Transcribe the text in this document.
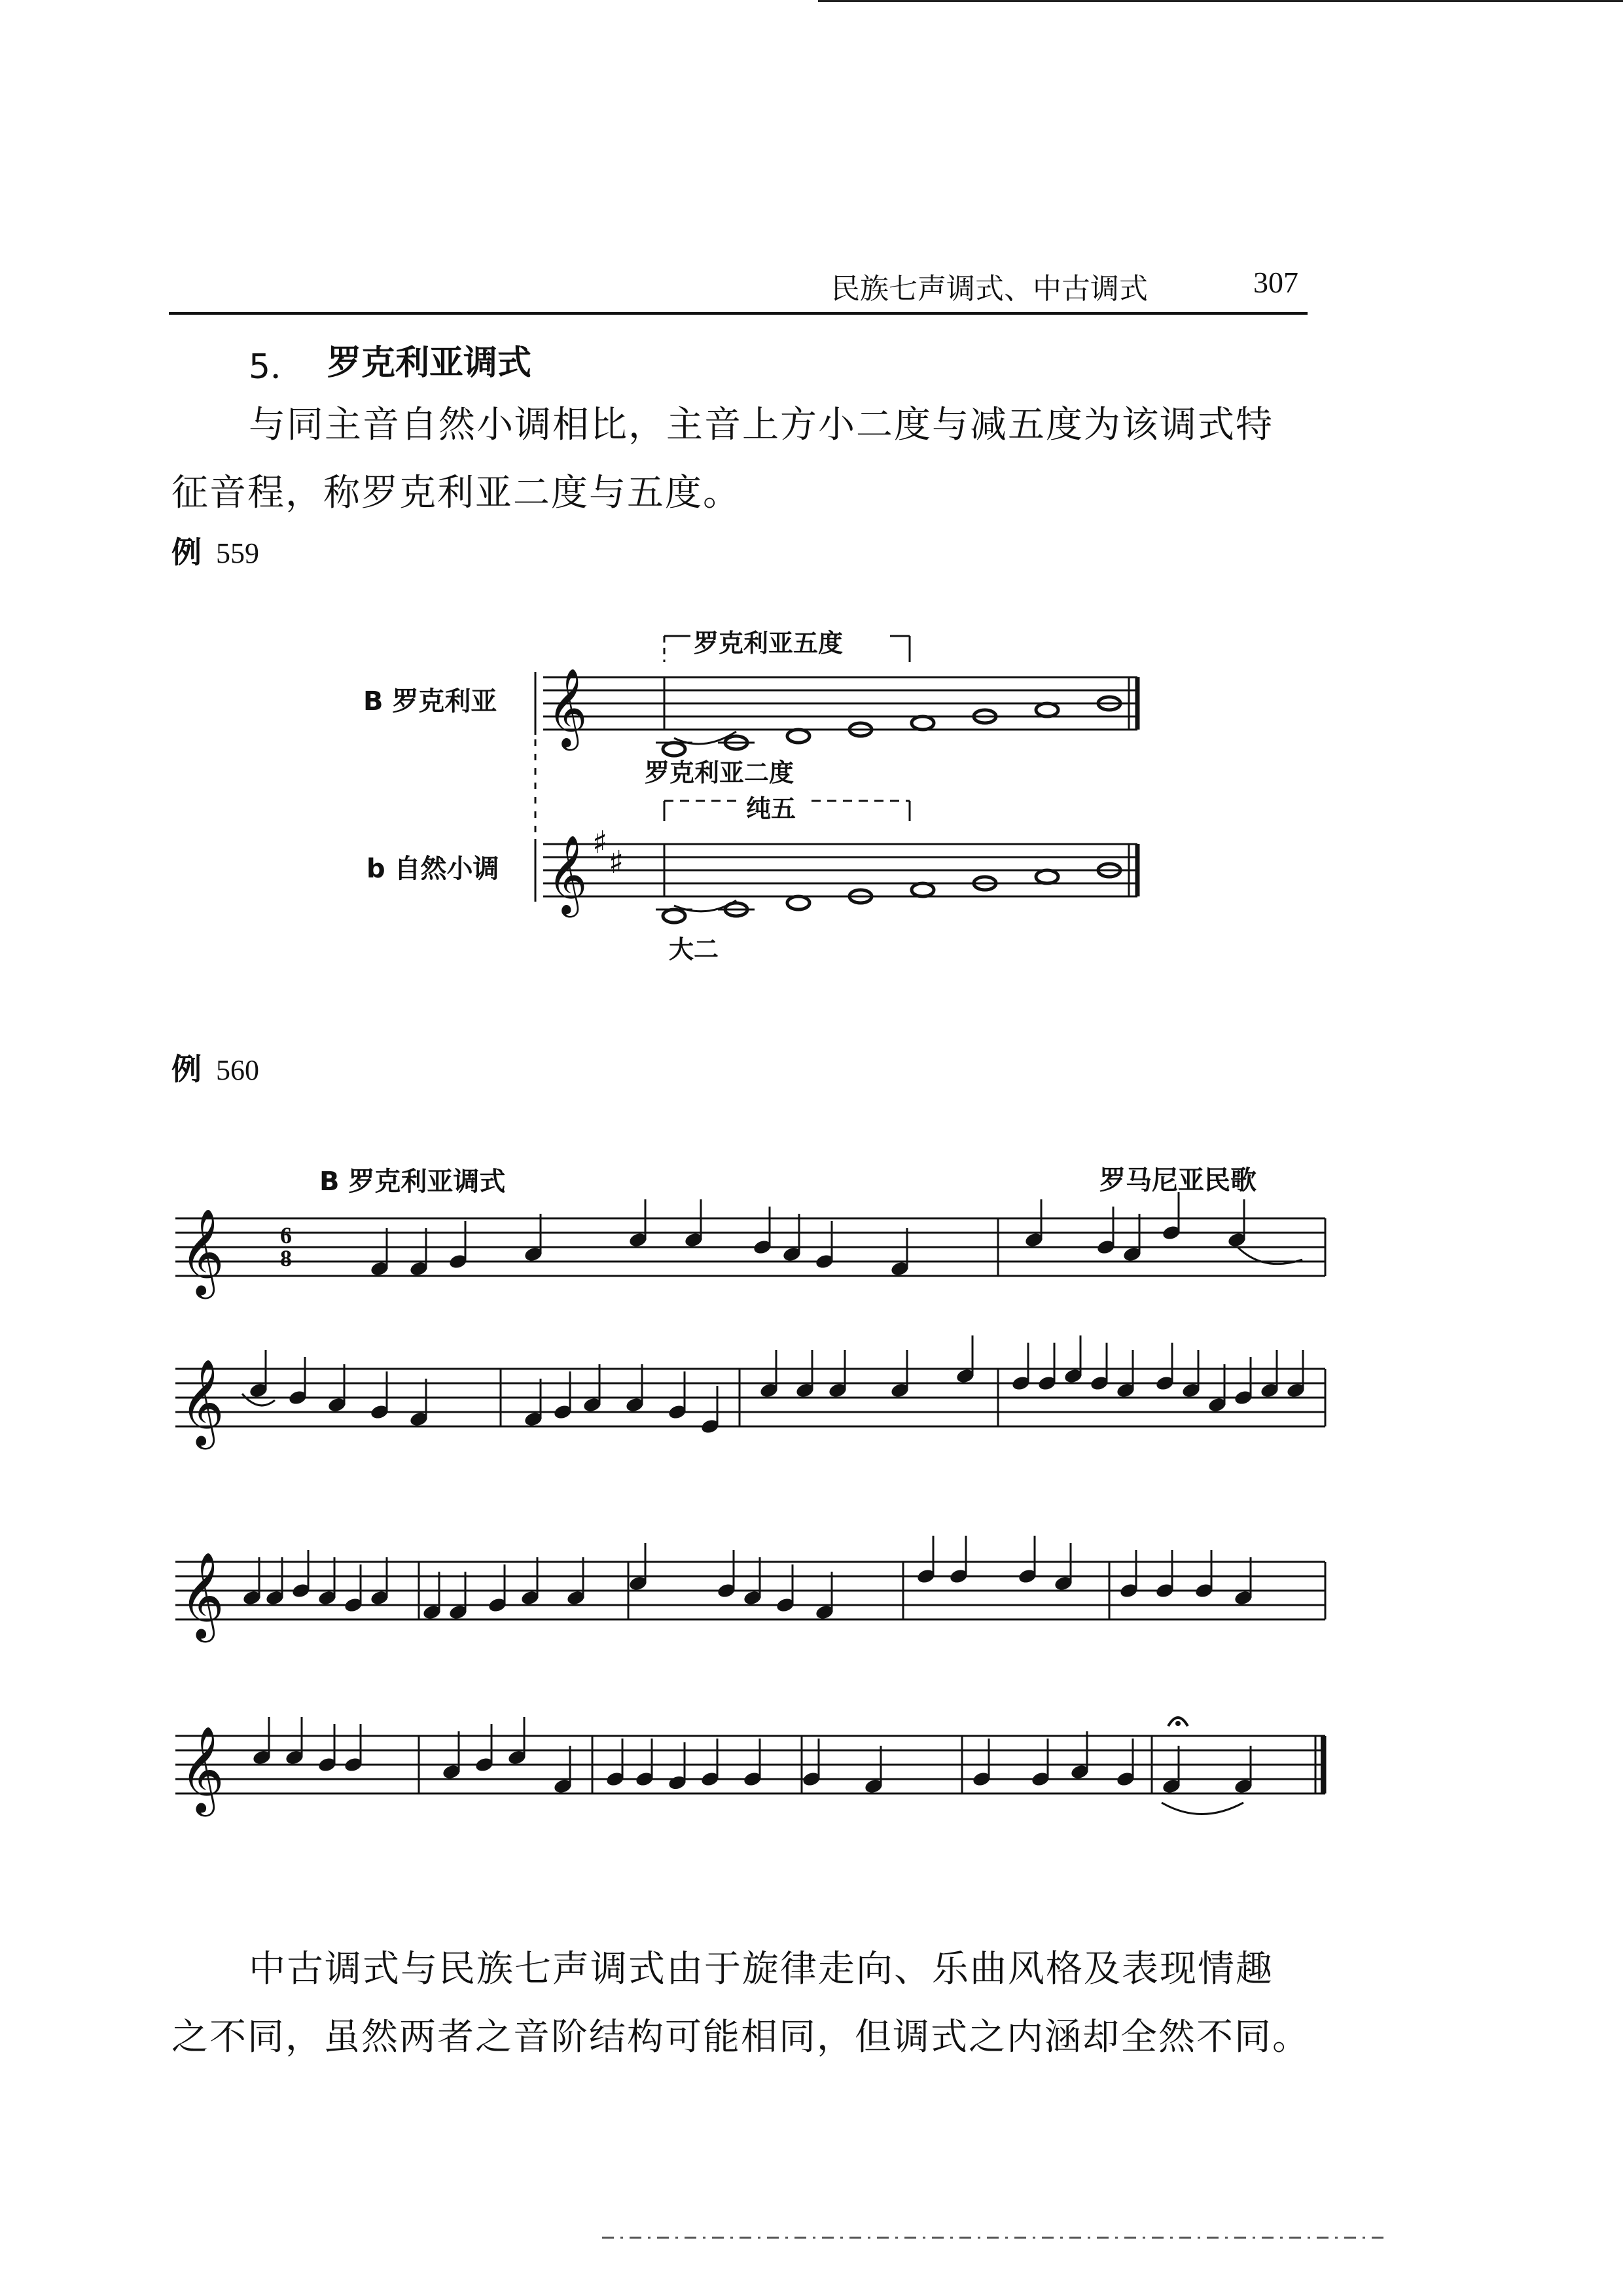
民族七声调式、中古调式	307
5． 罗克利亚调式
与同主音自然小调相比，主音上方小二度与减五度为该调式特
征音程，称罗克利亚二度与五度。
例 559
B 罗克利亚
b 自然小调
罗克利亚五度
罗克利亚二度
纯五
大二
例 560
B 罗克利亚调式	罗马尼亚民歌
中古调式与民族七声调式由于旋律走向、乐曲风格及表现情趣
之不同，虽然两者之音阶结构可能相同，但调式之内涵却全然不同。
𝄞
𝄞 ♯
♯
𝄞
𝄞
𝄞
𝄞
6
8
